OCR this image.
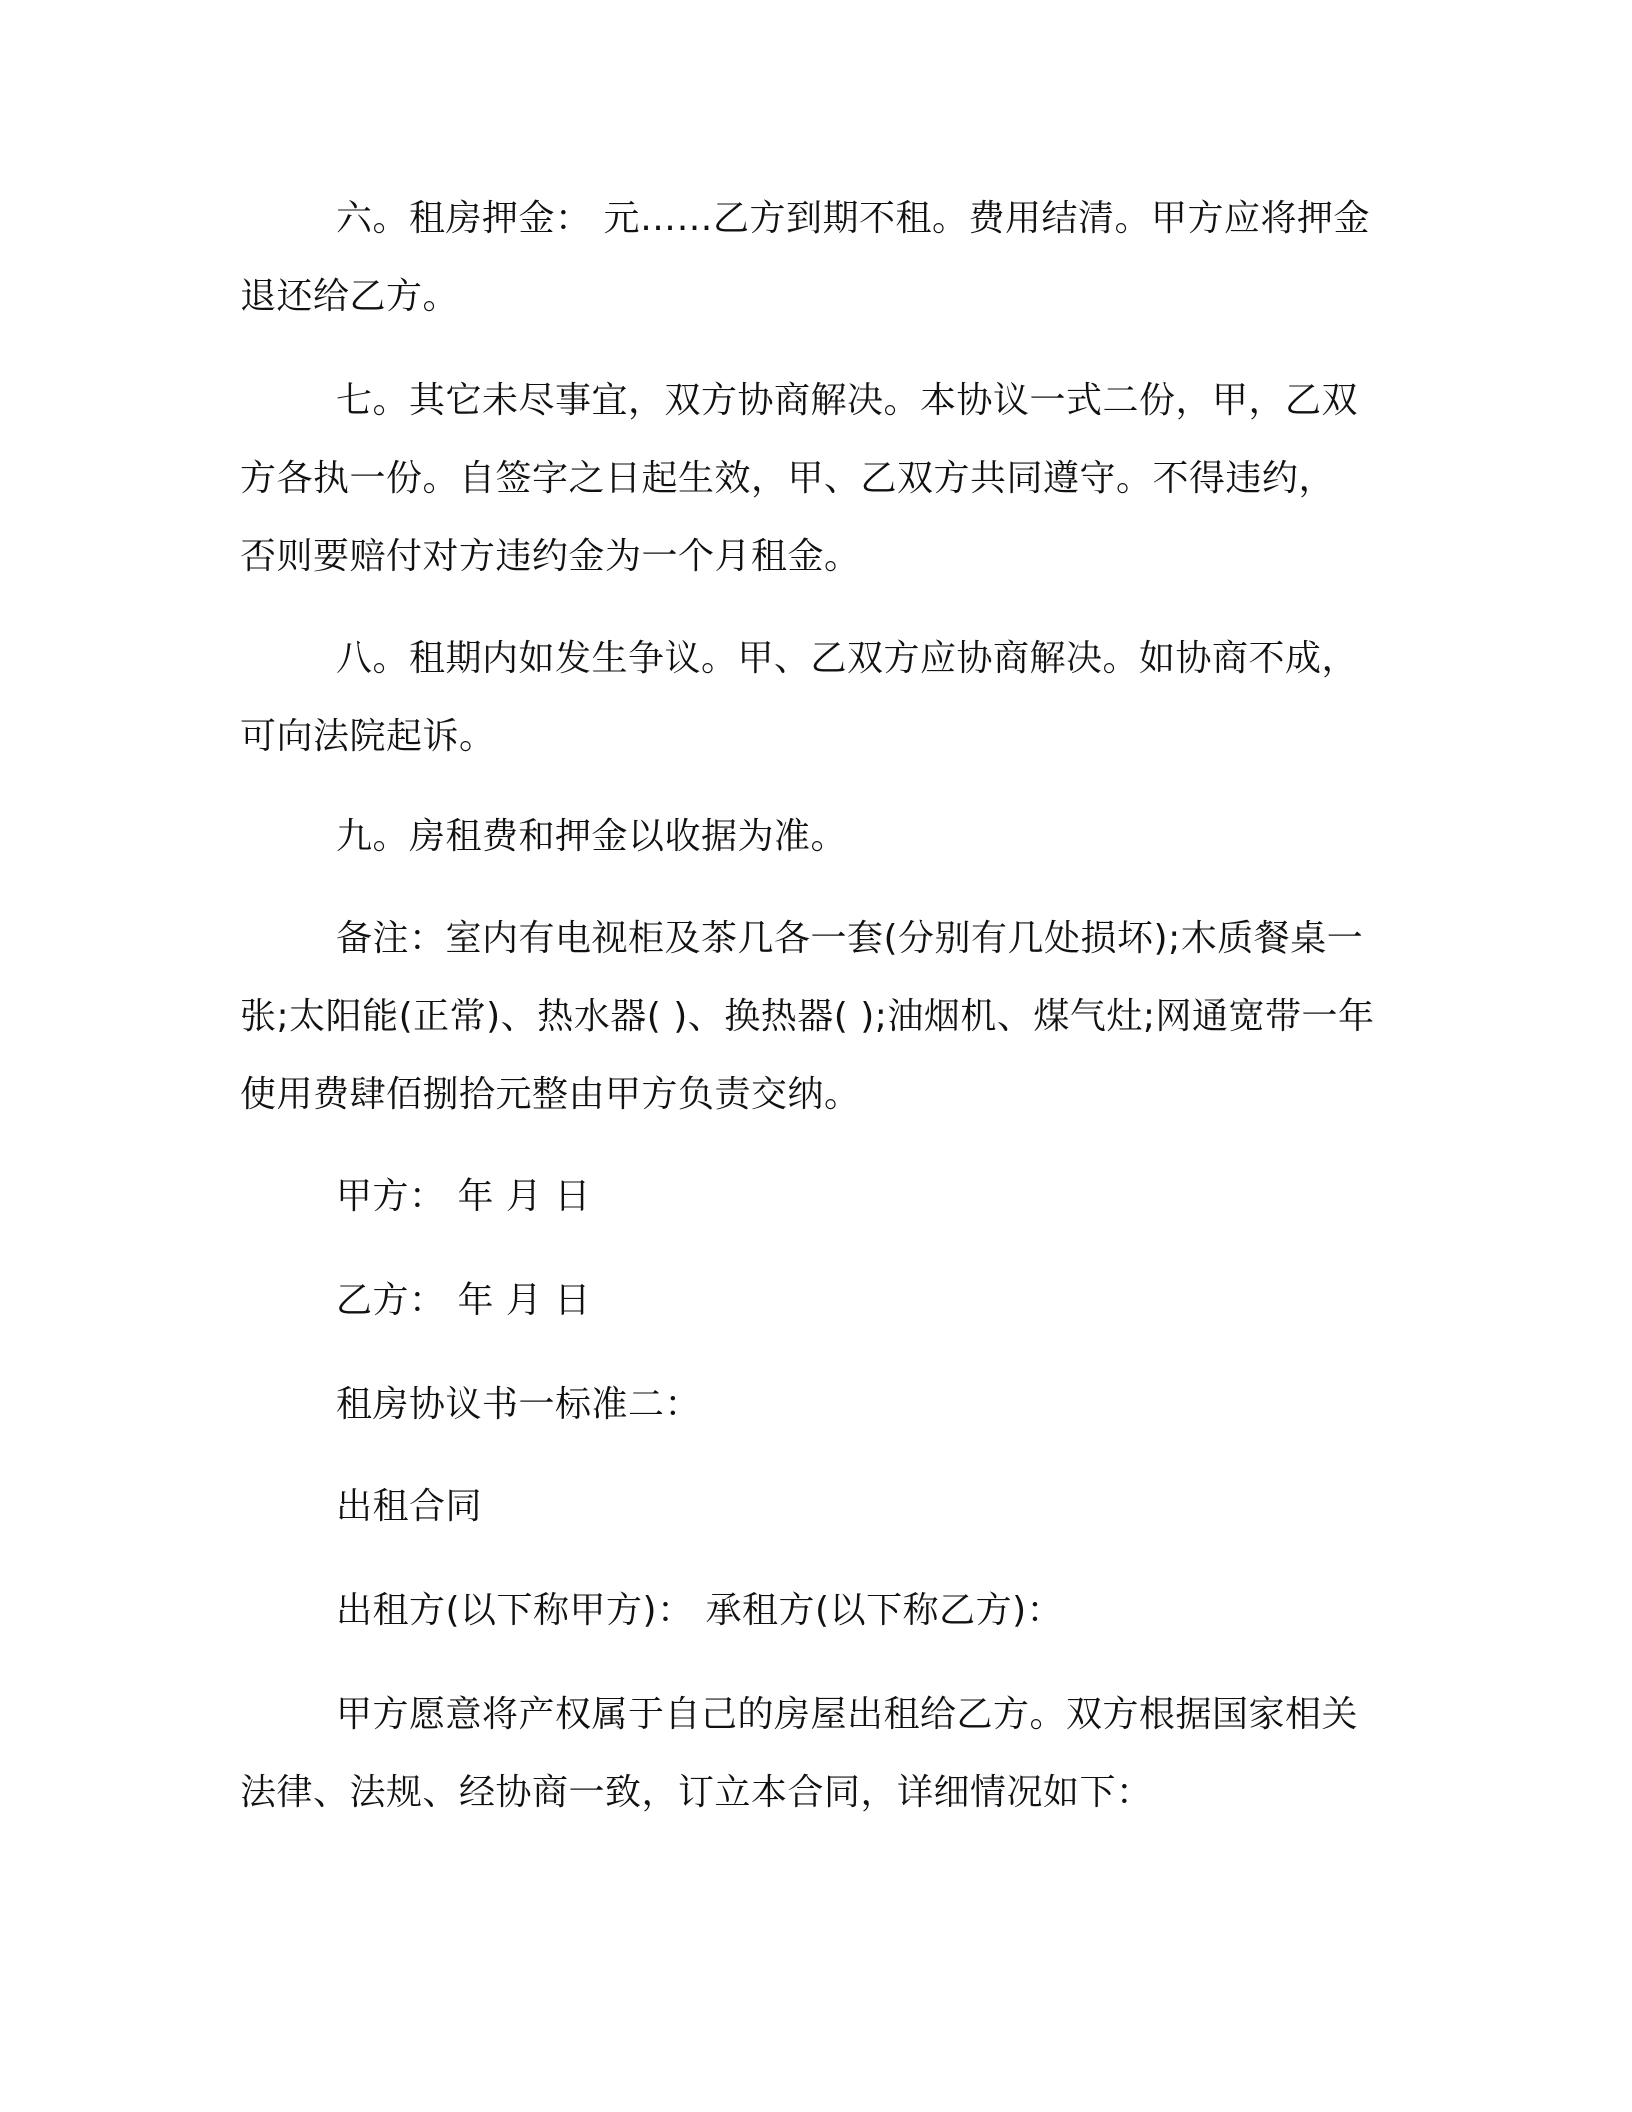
六。租房押金： 元……乙方到期不租。费用结清。甲方应将押金
退还给乙方。
七。其它未尽事宜，双方协商解决。本协议一式二份，甲，乙双
方各执一份。自签字之日起生效，甲、乙双方共同遵守。不得违约，
否则要赔付对方违约金为一个月租金。
八。租期内如发生争议。甲、乙双方应协商解决。如协商不成，
可向法院起诉。
九。房租费和押金以收据为准。
备注：室内有电视柜及茶几各一套(分别有几处损坏);木质餐桌一
张;太阳能(正常)、热水器( )、换热器( );油烟机、煤气灶;网通宽带一年
使用费肆佰捌拾元整由甲方负责交纳。
甲方： 年 月 日
乙方： 年 月 日
租房协议书一标准二：
出租合同
出租方(以下称甲方)： 承租方(以下称乙方)：
甲方愿意将产权属于自己的房屋出租给乙方。双方根据国家相关
法律、法规、经协商一致，订立本合同，详细情况如下：
